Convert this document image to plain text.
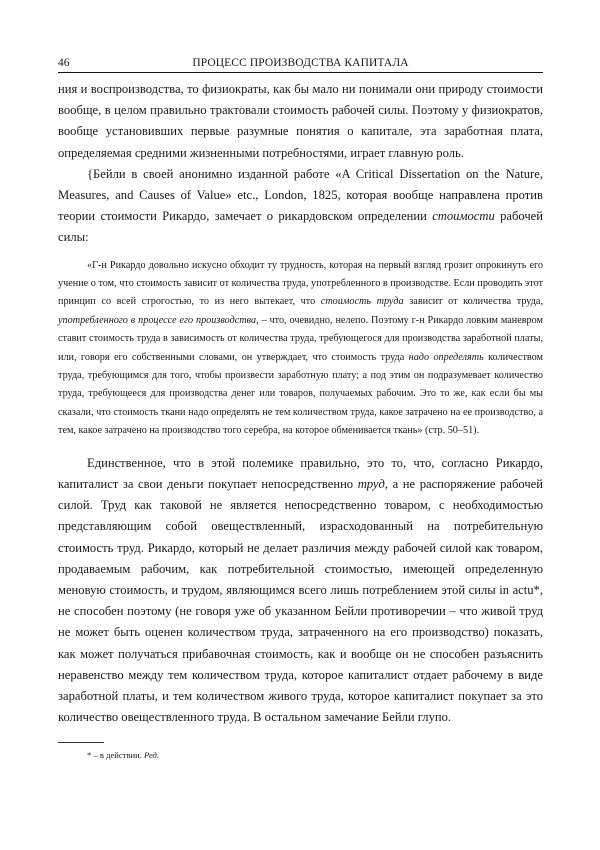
46	ПРОЦЕСС ПРОИЗВОДСТВА КАПИТАЛА

ния и воспроизводства, то физиократы, как бы мало ни понимали они природу стоимости вообще, в целом правильно трактовали стоимость рабочей силы. Поэтому у физиократов, вообще установивших первые разумные понятия о капитале, эта заработная плата, определяемая средними жизненными потребностями, играет главную роль.

{Бейли в своей анонимно изданной работе «A Critical Dissertation on the Nature, Measures, and Causes of Value» etc., London, 1825, которая вообще направлена против теории стоимости Рикардо, замечает о рикардовском определении стоимости рабочей силы:

«Г-н Рикардо довольно искусно обходит ту трудность, которая на первый взгляд грозит опрокинуть его учение о том, что стоимость зависит от количества труда, употребленного в производстве. Если проводить этот принцип со всей строгостью, то из него вытекает, что стоимость труда зависит от количества труда, употребленного в процессе его производства, – что, очевидно, нелепо. Поэтому г-н Рикардо ловким маневром ставит стоимость труда в зависимость от количества труда, требующегося для производства заработной платы, или, говоря его собственными словами, он утверждает, что стоимость труда надо определять количеством труда, требующимся для того, чтобы произвести заработную плату; а под этим он подразумевает количество труда, требующееся для производства денег или товаров, получаемых рабочим. Это то же, как если бы мы сказали, что стоимость ткани надо определять не тем количеством труда, какое затрачено на ее производство, а тем, какое затрачено на производство того серебра, на которое обменивается ткань» (стр. 50–51).

Единственное, что в этой полемике правильно, это то, что, согласно Рикардо, капиталист за свои деньги покупает непосредственно труд, а не распоряжение рабочей силой. Труд как таковой не является непосредственно товаром, с необходимостью представляющим собой овеществленный, израсходованный на потребительную стоимость труд. Рикардо, который не делает различия между рабочей силой как товаром, продаваемым рабочим, как потребительной стоимостью, имеющей определенную меновую стоимость, и трудом, являющимся всего лишь потреблением этой силы in actu*, не способен поэтому (не говоря уже об указанном Бейли противоречии – что живой труд не может быть оценен количеством труда, затраченного на его производство) показать, как может получаться прибавочная стоимость, как и вообще он не способен разъяснить неравенство между тем количеством труда, которое капиталист отдает рабочему в виде заработной платы, и тем количеством живого труда, которое капиталист покупает за это количество овеществленного труда. В остальном замечание Бейли глупо.

* – в действии. Ред.
